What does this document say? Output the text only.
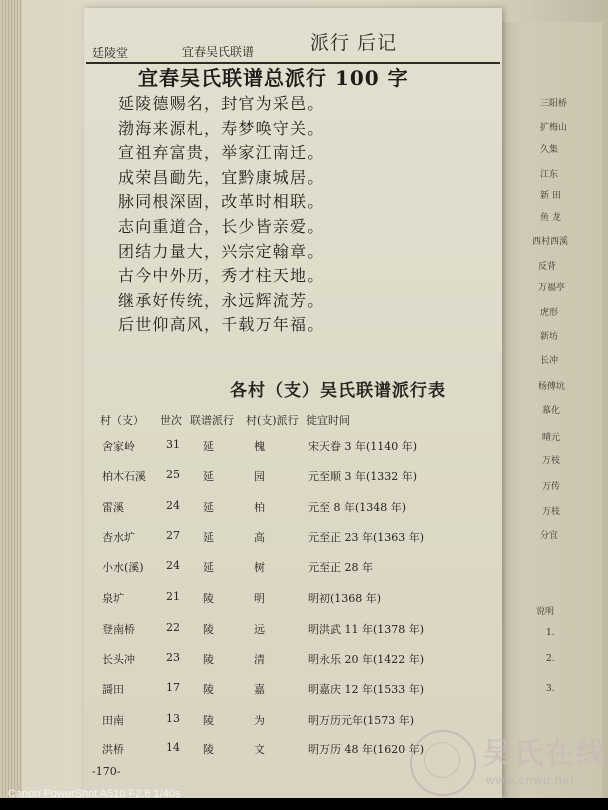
三阳桥
扩梅山
久集
江东
新 田
鱼 龙
西村西溪
反背
万福亭
虎形
新坊
长冲
杨傅坑
慕化
晴元
万枝
万传
万枝
分宜
说明
1.
2.
3.
廷陵堂	宜春吴氏联谱	派行 后记
宜春吴氏联谱总派行 100 字
延陵德赐名，封官为采邑。
渤海来源札，寿梦唤守关。
宣祖弃富贵，举家江南迁。
成荣昌勔先，宜黔康城居。
脉同根深固，改革时相联。
志向重道合，长少皆亲爱。
团结力量大，兴宗定翰章。
古今中外历，秀才柱天地。
继承好传统，永远辉流芳。
后世仰高风，千载万年福。
各村（支）吴氏联谱派行表
村（支） 世次 联谱派行 村(支)派行 徙宜时间
舍家岭	31 延	槐	宋天眷 3 年(1140 年)
柏木石溪 25 延	园	元至顺 3 年(1332 年)
雷溪	24 延	柏	元至 8 年(1348 年)
杏水圹	27 延	高	元至正 23 年(1363 年)
小水(溪) 24 延	树	元至正 28 年
泉圹	21 陵	明	明初(1368 年)
登南桥	22 陵	远	明洪武 11 年(1378 年)
长头冲	23 陵	清	明永乐 20 年(1422 年)
謌田	17 陵	嘉	明嘉庆 12 年(1533 年)
田南	13 陵	为	明万历元年(1573 年)
洪桥	14 陵	文	明万历 48 年(1620 年)
-170-
吴氏在线
www.cnwu.net
Canon PowerShot A510 F2.6 1/40s
